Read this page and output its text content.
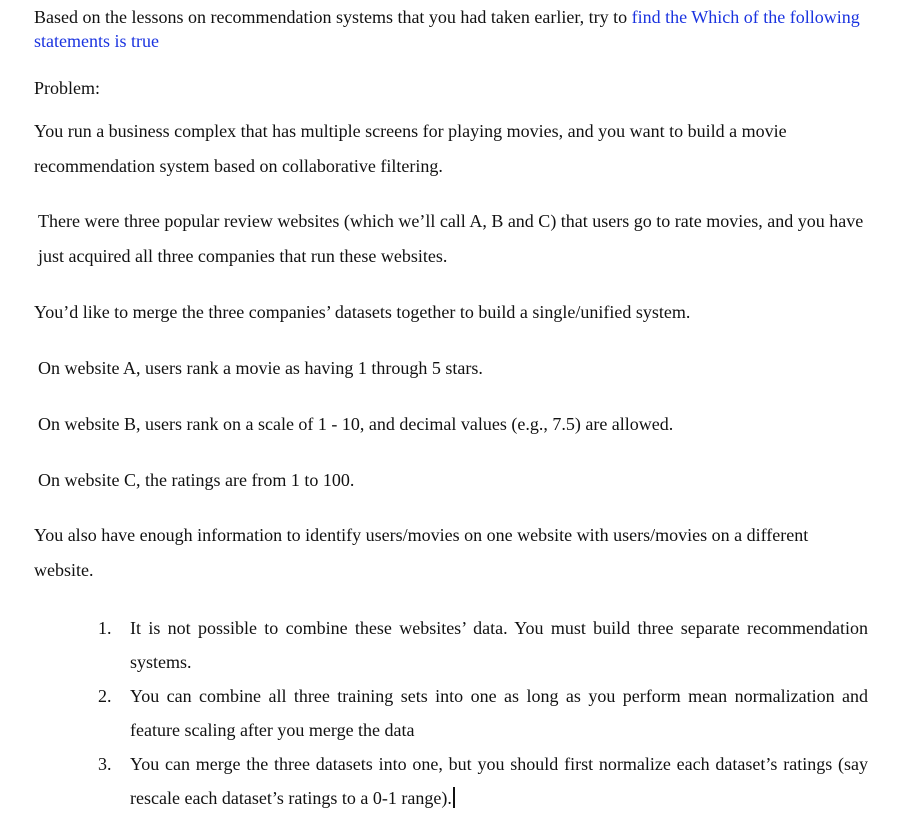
Based on the lessons on recommendation systems that you had taken earlier, try to find the Which of the following statements is true
Problem:
You run a business complex that has multiple screens for playing movies, and you want to build a movie recommendation system based on collaborative filtering.
There were three popular review websites (which we’ll call A, B and C) that users go to rate movies, and you have just acquired all three companies that run these websites.
You’d like to merge the three companies’ datasets together to build a single/unified system.
On website A, users rank a movie as having 1 through 5 stars.
On website B, users rank on a scale of 1 - 10, and decimal values (e.g., 7.5) are allowed.
On website C, the ratings are from 1 to 100.
You also have enough information to identify users/movies on one website with users/movies on a different website.
1. It is not possible to combine these websites’ data. You must build three separate recommendation systems.
2. You can combine all three training sets into one as long as you perform mean normalization and feature scaling after you merge the data
3. You can merge the three datasets into one, but you should first normalize each dataset’s ratings (say rescale each dataset’s ratings to a 0-1 range).
